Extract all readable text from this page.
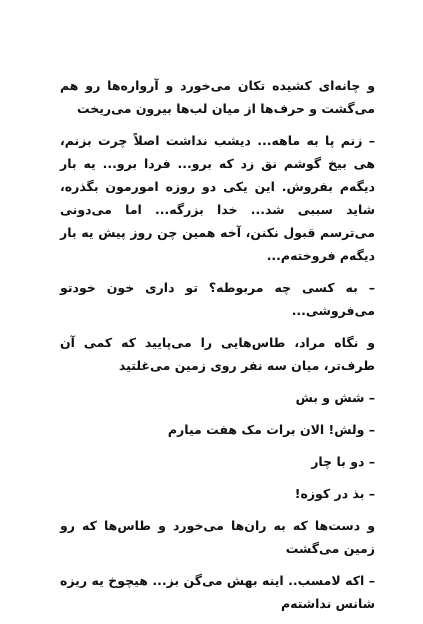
و چانه‌ای کشیده تکان می‌خورد و آرواره‌ها رو هم می‌گشت و حرف‌ها از میان لب‌ها بیرون می‌ریخت

– زنم پا به ماهه... دیشب نداشت اصلاً چرت بزنم، هی بیخ گوشم نق زد که برو... فردا برو... یه بار دیگه‌م بفروش. این یکی دو روزه امورمون بگذره، شاید سببی شد... خدا بزرگه... اما می‌دونی می‌ترسم قبول نکنن، آخه همین چن روز پیش یه بار دیگه‌م فروخته‌م...

– به کسی چه مربوطه؟ تو داری خون خودتو می‌فروشی...

و نگاه مراد، طاس‌هایی را می‌پایید که کمی آن طرف‌تر، میان سه نفر روی زمین می‌غلتید

– شش و بش

– ولش! الان برات مک هفت میارم

– دو با چار

– بذ در کوزه!

و دست‌ها که به ران‌ها می‌خورد و طاس‌ها که رو زمین می‌گشت

– اکه لامسب.. اینه بهش می‌گن بز... هیچوخ یه ریزه شانس نداشته‌م
